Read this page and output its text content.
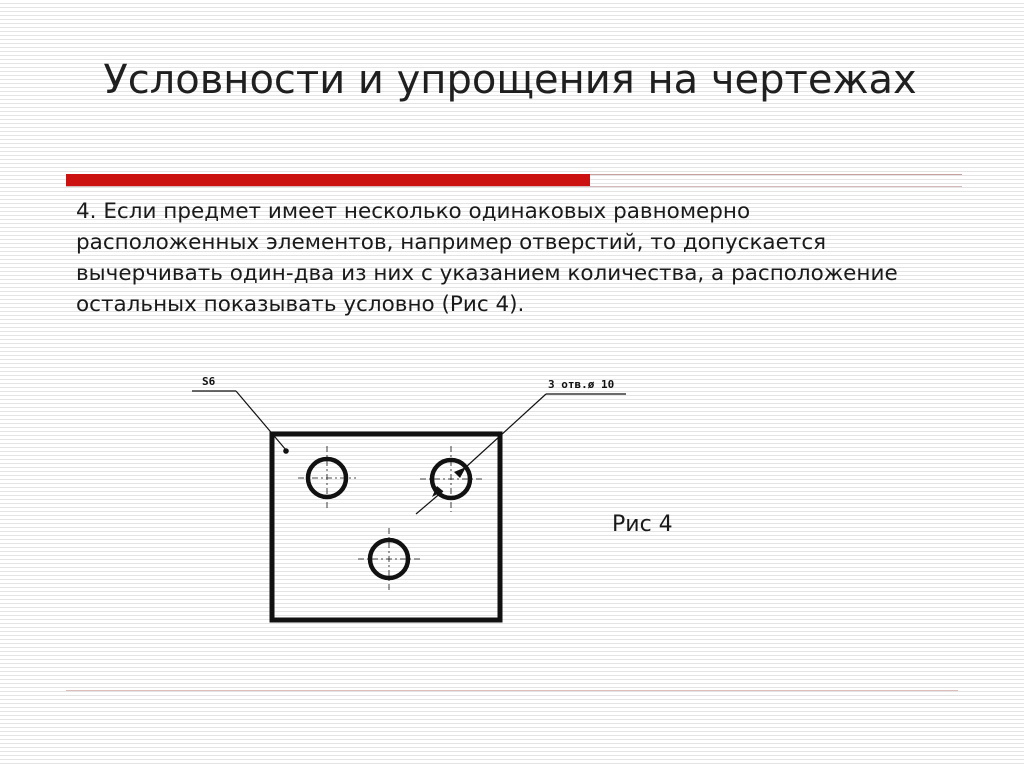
Условности и упрощения на чертежах

4. Если предмет имеет несколько одинаковых равномерно расположенных элементов, например отверстий, то допускается вычерчивать один-два из них с указанием количества, а расположение остальных показывать условно (Рис 4).

S6	3 отв.ø 10
Рис 4
